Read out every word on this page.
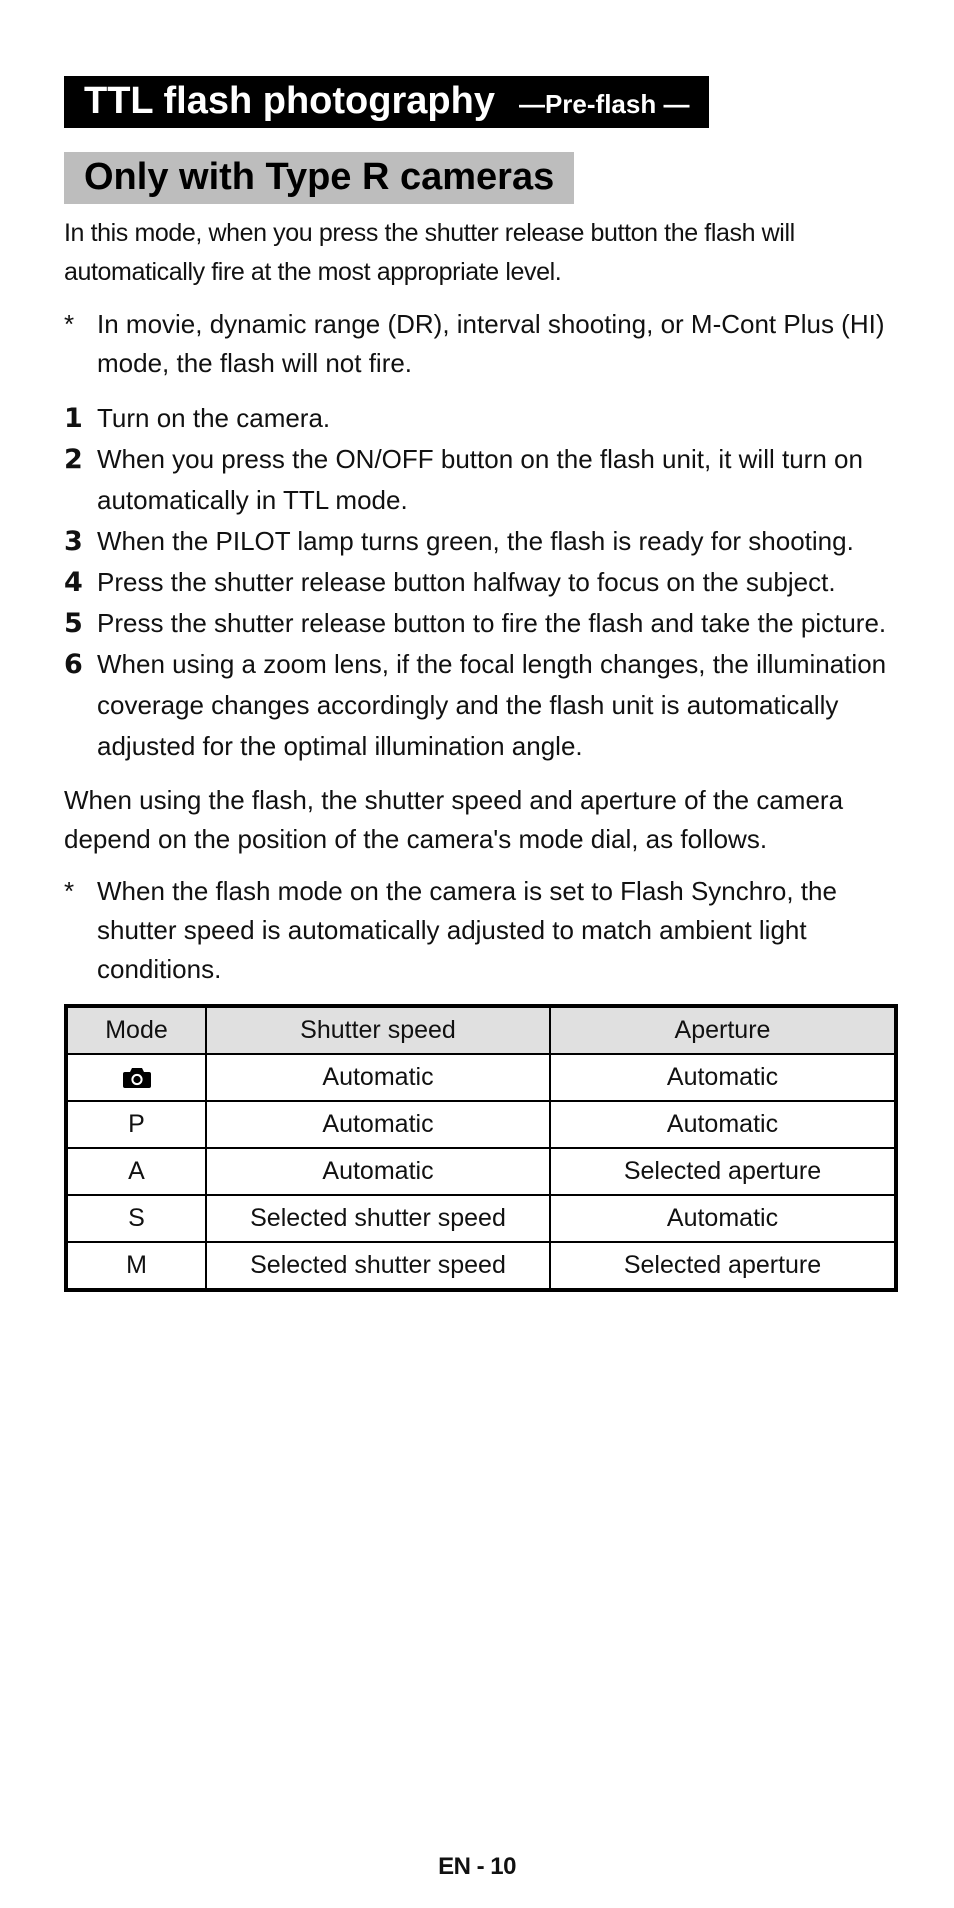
TTL flash photography —Pre-flash —
Only with Type R cameras

In this mode, when you press the shutter release button the flash will automatically fire at the most appropriate level.

* In movie, dynamic range (DR), interval shooting, or M-Cont Plus (HI) mode, the flash will not fire.
1 Turn on the camera.
2 When you press the ON/OFF button on the flash unit, it will turn on automatically in TTL mode.
3 When the PILOT lamp turns green, the flash is ready for shooting.
4 Press the shutter release button halfway to focus on the subject.
5 Press the shutter release button to fire the flash and take the picture.
6 When using a zoom lens, if the focal length changes, the illumination coverage changes accordingly and the flash unit is automatically adjusted for the optimal illumination angle.

When using the flash, the shutter speed and aperture of the camera depend on the position of the camera's mode dial, as follows.

* When the flash mode on the camera is set to Flash Synchro, the shutter speed is automatically adjusted to match ambient light conditions.
Mode	Shutter speed	Aperture
	Automatic	Automatic
P	Automatic	Automatic
A	Automatic	Selected aperture
S	Selected shutter speed	Automatic
M	Selected shutter speed	Selected aperture
EN - 10
